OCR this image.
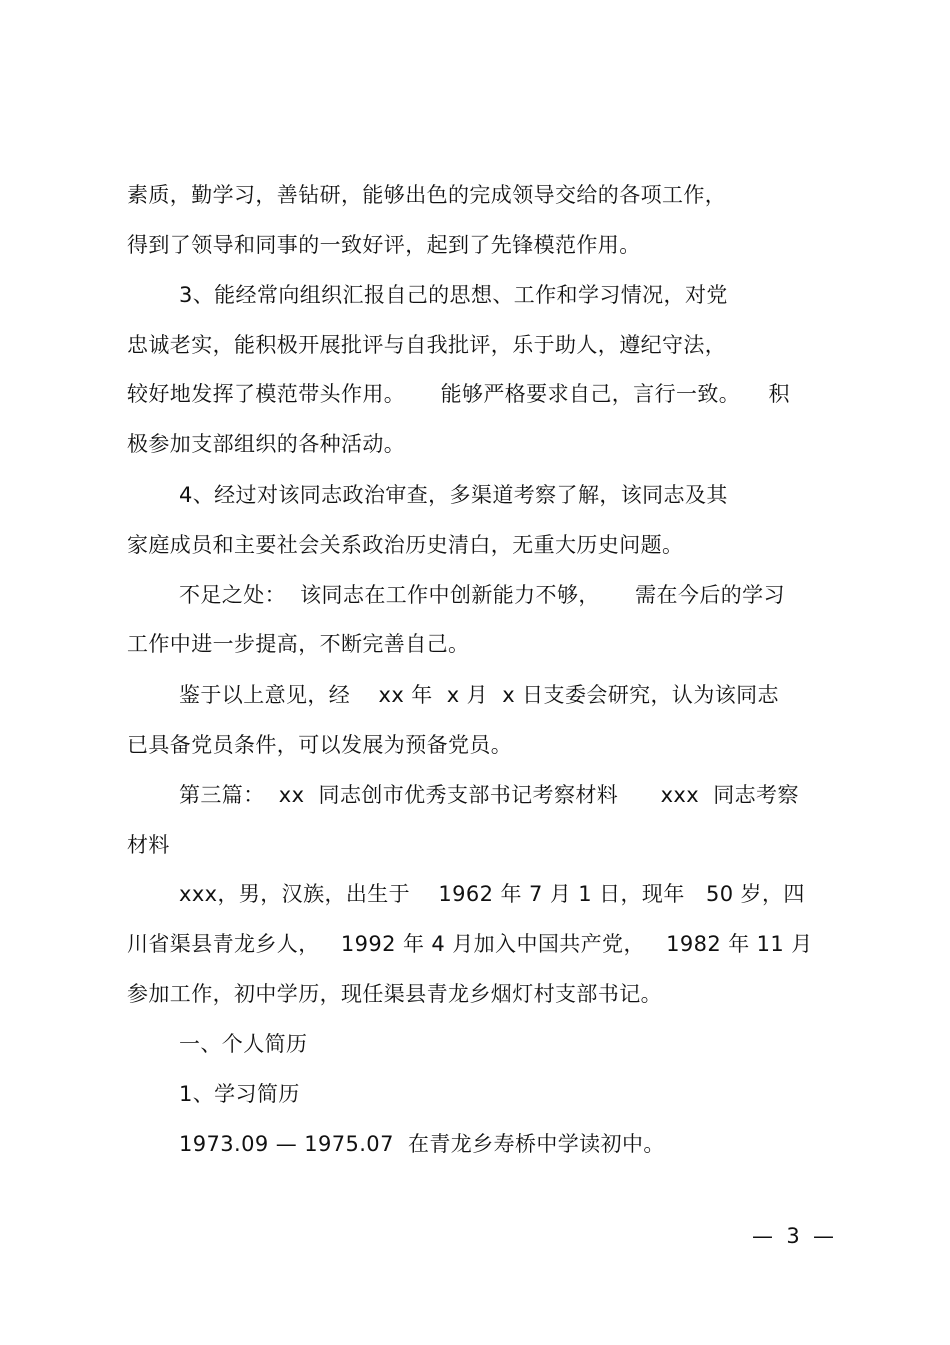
素质，勤学习，善钻研，能够出色的完成领导交给的各项工作，
得到了领导和同事的一致好评，起到了先锋模范作用。
3、能经常向组织汇报自己的思想、工作和学习情况，对党
忠诚老实，能积极开展批评与自我批评，乐于助人，遵纪守法，
较好地发挥了模范带头作用。     能够严格要求自己，言行一致。    积
极参加支部组织的各种活动。
4、经过对该同志政治审查，多渠道考察了解，该同志及其
家庭成员和主要社会关系政治历史清白，无重大历史问题。
不足之处：  该同志在工作中创新能力不够，     需在今后的学习
工作中进一步提高，不断完善自己。
鉴于以上意见，经    xx 年  x 月  x 日支委会研究，认为该同志
已具备党员条件，可以发展为预备党员。
第三篇：  xx  同志创市优秀支部书记考察材料      xxx  同志考察
材料
xxx，男，汉族，出生于    1962 年 7 月 1 日，现年   50 岁，四
川省渠县青龙乡人，   1992 年 4 月加入中国共产党，   1982 年 11 月
参加工作，初中学历，现任渠县青龙乡烟灯村支部书记。
一、个人简历
1、学习简历
1973.09 — 1975.07  在青龙乡寿桥中学读初中。
—  3  —
